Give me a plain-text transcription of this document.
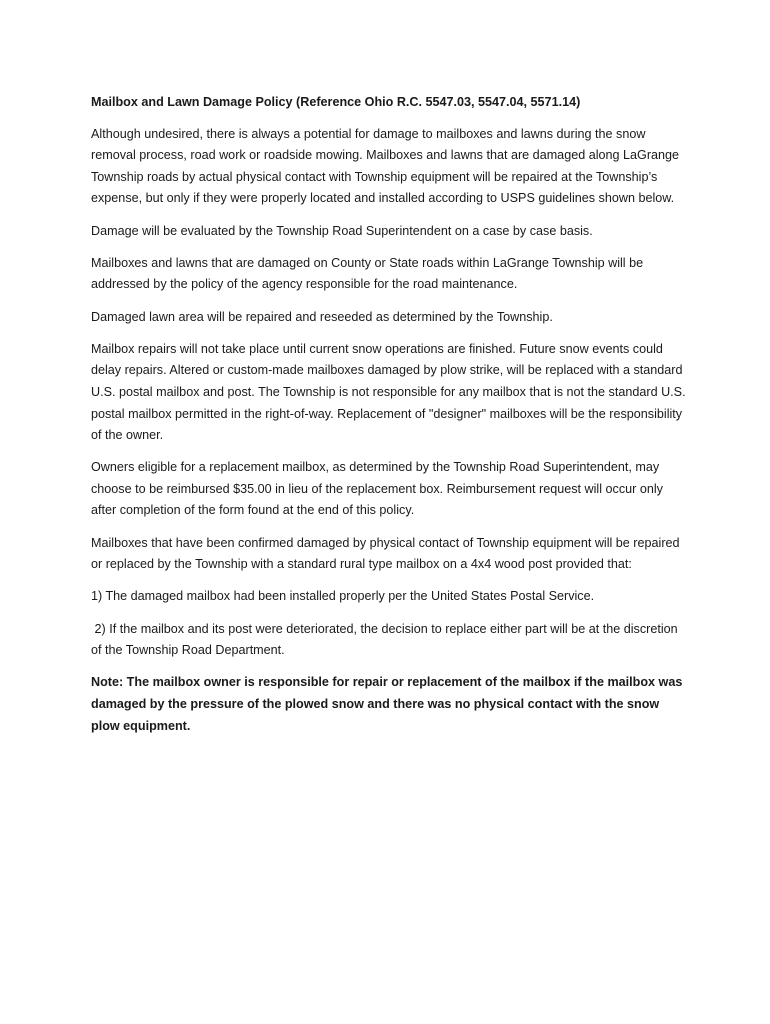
Mailbox and Lawn Damage Policy (Reference Ohio R.C. 5547.03, 5547.04, 5571.14)

Although undesired, there is always a potential for damage to mailboxes and lawns during the snow removal process, road work or roadside mowing. Mailboxes and lawns that are damaged along LaGrange Township roads by actual physical contact with Township equipment will be repaired at the Township’s expense, but only if they were properly located and installed according to USPS guidelines shown below.

Damage will be evaluated by the Township Road Superintendent on a case by case basis.

Mailboxes and lawns that are damaged on County or State roads within LaGrange Township will be addressed by the policy of the agency responsible for the road maintenance.

Damaged lawn area will be repaired and reseeded as determined by the Township.

Mailbox repairs will not take place until current snow operations are finished. Future snow events could delay repairs. Altered or custom-made mailboxes damaged by plow strike, will be replaced with a standard U.S. postal mailbox and post. The Township is not responsible for any mailbox that is not the standard U.S. postal mailbox permitted in the right-of-way. Replacement of "designer" mailboxes will be the responsibility of the owner.

Owners eligible for a replacement mailbox, as determined by the Township Road Superintendent, may choose to be reimbursed $35.00 in lieu of the replacement box. Reimbursement request will occur only after completion of the form found at the end of this policy.

Mailboxes that have been confirmed damaged by physical contact of Township equipment will be repaired or replaced by the Township with a standard rural type mailbox on a 4x4 wood post provided that:

1) The damaged mailbox had been installed properly per the United States Postal Service.

2) If the mailbox and its post were deteriorated, the decision to replace either part will be at the discretion of the Township Road Department.

Note: The mailbox owner is responsible for repair or replacement of the mailbox if the mailbox was damaged by the pressure of the plowed snow and there was no physical contact with the snow plow equipment.
